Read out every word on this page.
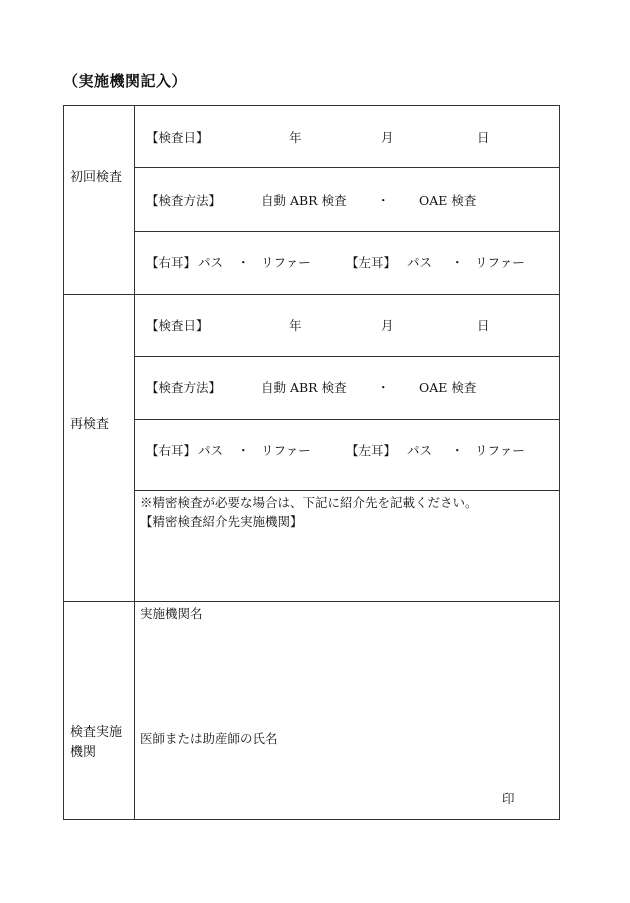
（実施機関記入）
初回検査
【検査日】	年	月	日
【検査方法】	自動 ABR 検査 ・ OAE 検査
【右耳】 パス ・ リファー	【左耳】 パス ・ リファー
再検査
【検査日】	年	月	日
【検査方法】	自動 ABR 検査 ・ OAE 検査
【右耳】 パス ・ リファー	【左耳】 パス ・ リファー
※精密検査が必要な場合は、下記に紹介先を記載ください。
【精密検査紹介先実施機関】
検査実施
機関
実施機関名
医師または助産師の氏名
印
